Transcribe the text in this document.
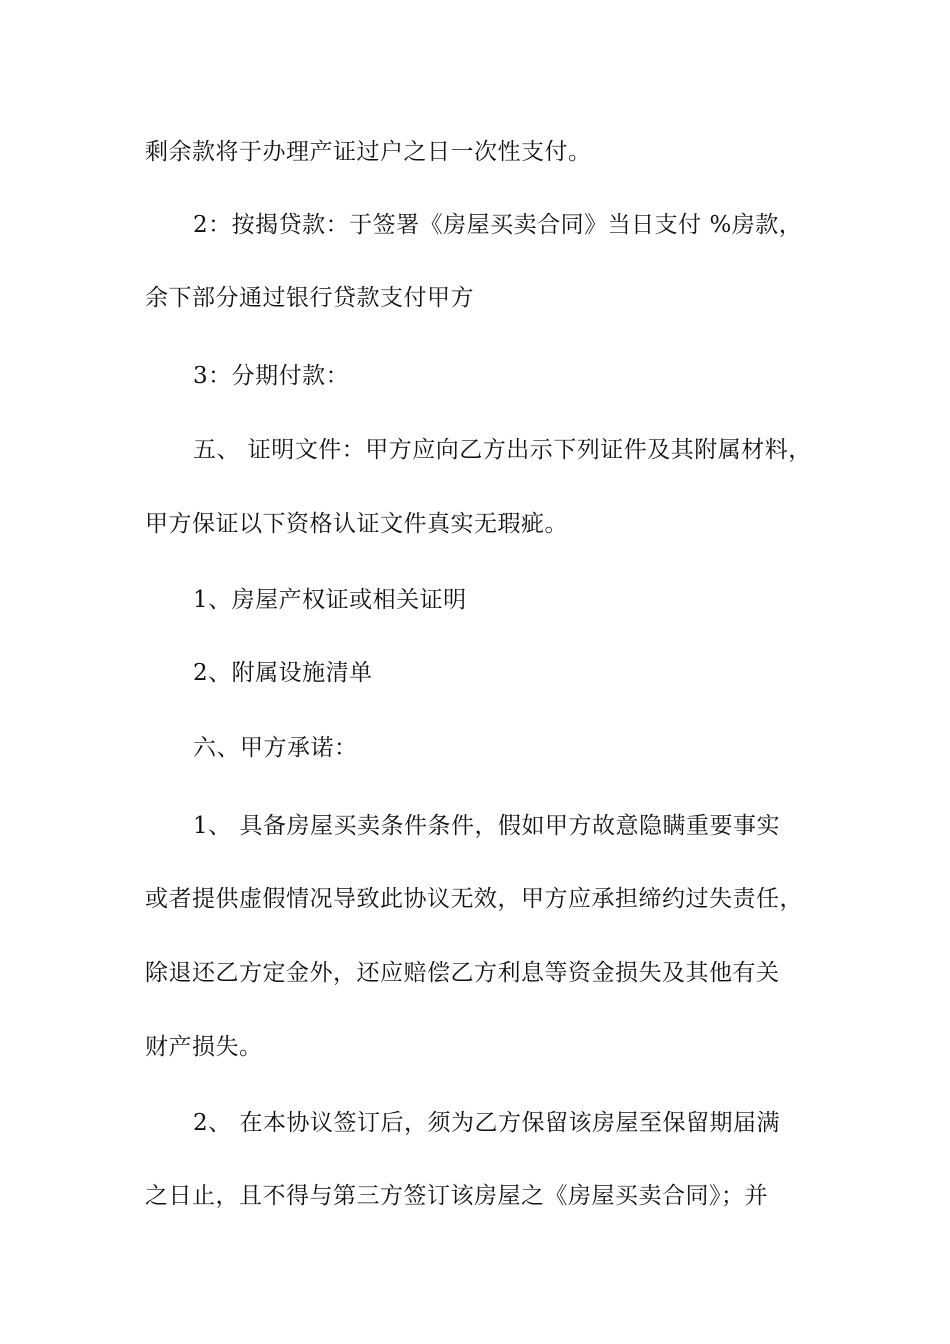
剩余款将于办理产证过户之日一次性支付。
2：按揭贷款：于签署《房屋买卖合同》当日支付 %房款，
余下部分通过银行贷款支付甲方
3：分期付款：
五、 证明文件：甲方应向乙方出示下列证件及其附属材料，
甲方保证以下资格认证文件真实无瑕疵。
1、房屋产权证或相关证明
2、附属设施清单
六、甲方承诺：
1、 具备房屋买卖条件条件，假如甲方故意隐瞒重要事实
或者提供虚假情况导致此协议无效，甲方应承担缔约过失责任，
除退还乙方定金外，还应赔偿乙方利息等资金损失及其他有关
财产损失。
2、 在本协议签订后，须为乙方保留该房屋至保留期届满
之日止，且不得与第三方签订该房屋之《房屋买卖合同》；并
